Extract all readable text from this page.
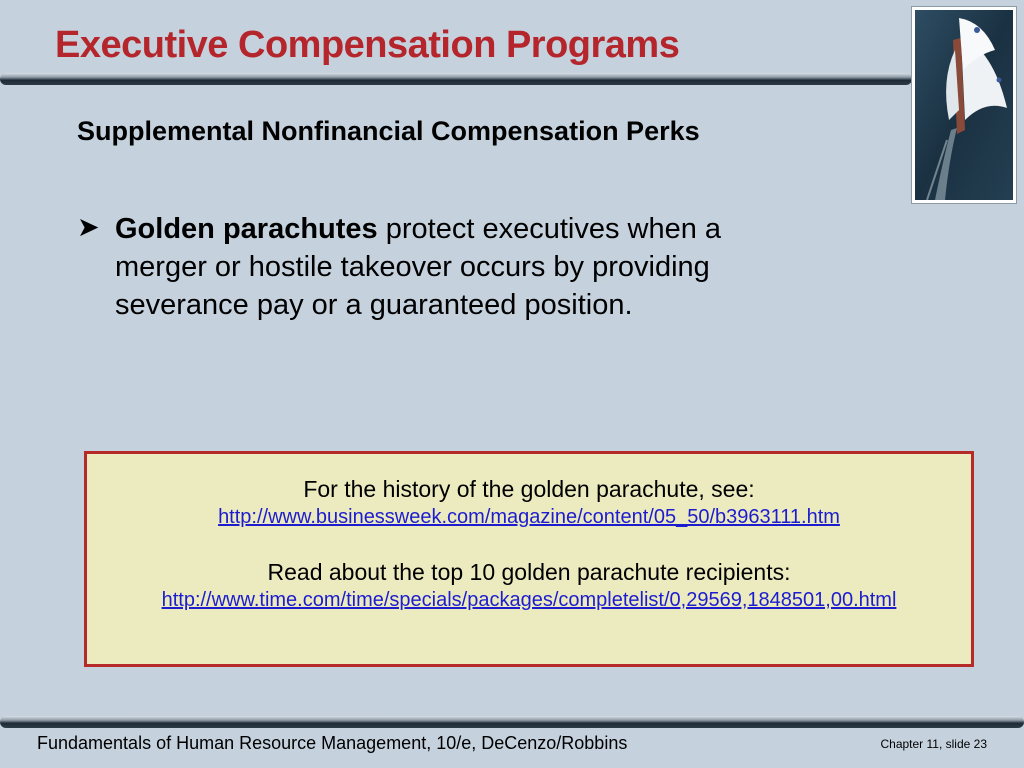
Executive Compensation Programs
Supplemental Nonfinancial Compensation Perks
➤ Golden parachutes protect executives when a
merger or hostile takeover occurs by providing
severance pay or a guaranteed position.

For the history of the golden parachute, see:

http://www.businessweek.com/magazine/content/05_50/b3963111.htm

Read about the top 10 golden parachute recipients:

http://www.time.com/time/specials/packages/completelist/0,29569,1848501,00.html
Fundamentals of Human Resource Management, 10/e, DeCenzo/Robbins	Chapter 11, slide 23
